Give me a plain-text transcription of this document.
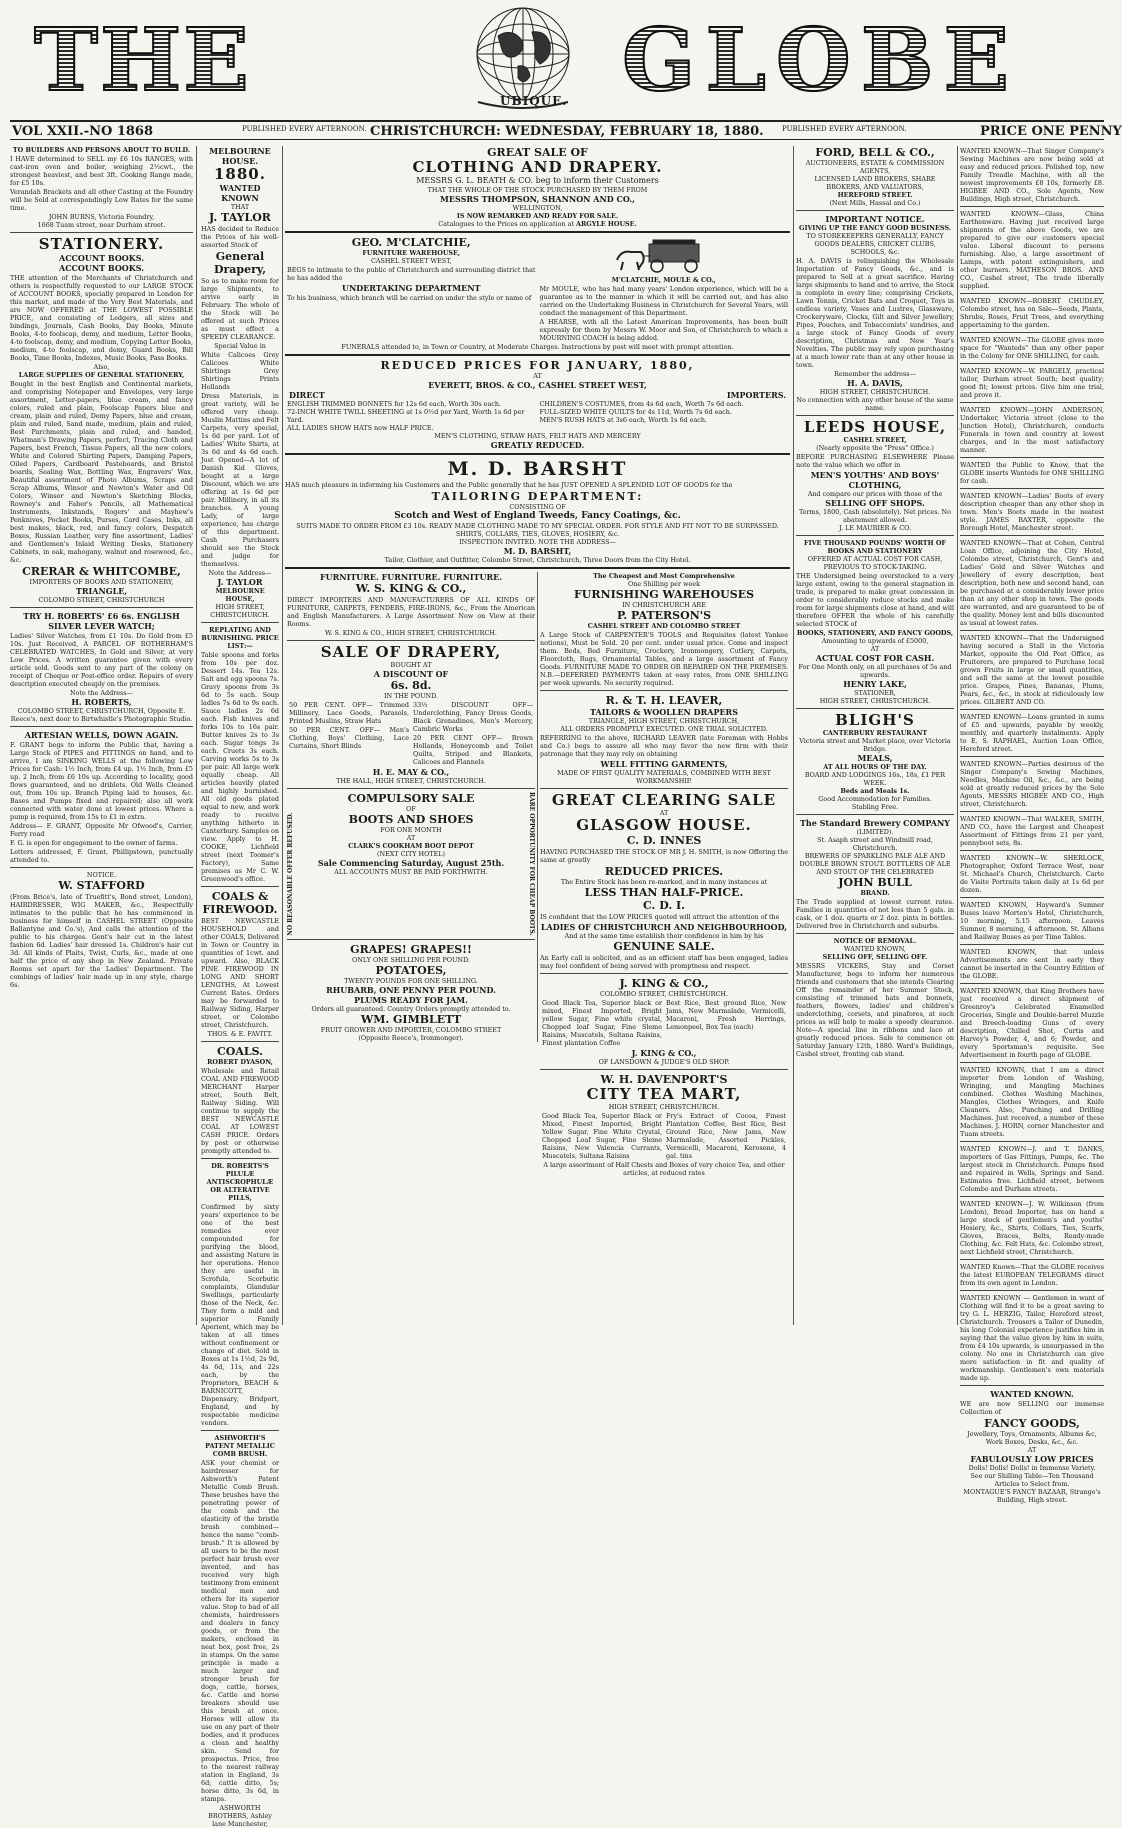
THE	UBIQUE. GLOBE
VOL XXII.-NO 1868	PUBLISHED EVERY AFTERNOON. CHRISTCHURCH: WEDNESDAY, FEBRUARY 18, 1880.	PUBLISHED EVERY AFTERNOON.	PRICE ONE PENNY
TO BUILDERS AND PERSONS ABOUT TO BUILD.
I HAVE determined to SELL my £6 10s RANGES, with cast-iron oven and boiler, weighing 2½cwt., the strongest heaviest, and best 3ft. Cooking Range made, for £5 10s.
Verandah Brackets and all other Casting at the Foundry will be Sold at correspondingly Low Rates for the same time.
JOHN BURNS, Victoria Foundry,
1668 Tuam street, near Durham street.
STATIONERY.
ACCOUNT BOOKS.
ACCOUNT BOOKS.
THE attention of the Merchants of Christchurch and others is respectfully requested to our LARGE STOCK of ACCOUNT BOOKS, specially prepared in London for this market, and made of the Very Best Materials, and are NOW OFFERED at THE LOWEST POSSIBLE PRICE, and consisting of Ledgers, all sizes and bindings, Journals, Cash Books, Day Books, Minute Books, 4-to foolscap, demy, and medium, Letter Books, 4-to foolscap, demy, and medium, Copying Letter Books, medium, 4-to foolscap, and demy, Guard Books, Bill Books, Time Books, Indexes, Music Books, Pass Books.
Also,
LARGE SUPPLIES OF GENERAL STATIONERY,
Bought in the best English and Continental markets, and comprising Notepaper and Envelopes, very large assortment, Letter-papers, blue cream, and fancy colors, ruled and plain, Foolscap Papers blue and cream, plain and ruled, Demy Papers, blue and cream, plain and ruled, Sand made, medium, plain and ruled, Best Parchments, plain and ruled, and handed, Whatman's Drawing Papers, perfect, Tracing Cloth and Papers, best French, Tissue Papers, all the new colors, White and Colored Shirting Papers, Damping Papers, Oiled Papers, Cardboard Pasteboards, and Bristol boards, Sealing Wax, Bottling Wax, Engravers' Wax, Beautiful assortment of Photo Albums, Scraps and Scrap Albums, Winsor and Newton's Water and Oil Colors, Winsor and Newton's Sketching Blocks, Rowney's and Faber's Pencils, all Mathematical Instruments, Inkstands, Rogers' and Mayhew's Penknives, Pocket Books, Purses, Card Cases, Inks, all best makes, black, red, and fancy colors, Despatch Boxes, Russian Leather, very fine assortment, Ladies' and Gentlemen's Inlaid Writing Desks, Stationery Cabinets, in oak, mahogany, walnut and rosewood, &c., &c.
CRERAR & WHITCOMBE,
IMPORTERS OF BOOKS AND STATIONERY,
TRIANGLE,
COLOMBO STREET, CHRISTCHURCH
TRY H. ROBERTS' £6 6s. ENGLISH SILVER LEVER WATCH;
Ladies' Silver Watches, from £1 10s. Do Gold from £5 10s. Just Received, A PARCEL OF ROTHERHAM'S CELEBRATED WATCHES, In Gold and Silver, at very Low Prices. A written guarantee given with every article sold. Goods sent to any part of the colony on receipt of Cheque or Post-office order. Repairs of every description executed cheaply on the premises.
Note the Address—
H. ROBERTS,
COLOMBO STREET, CHRISTCHURCH, Opposite E. Reece's, next door to Birtwhistle's Photographic Studio.
ARTESIAN WELLS, DOWN AGAIN.
F. GRANT begs to inform the Public that, having a Large Stock of PIPES and FITTINGS on hand, and to arrive, I am SINKING WELLS at the following Low Prices for Cash: 1½ Inch, from £4 up. 1½ Inch, from £5 up. 2 Inch, from £6 10s up. According to locality, good flows guaranteed, and no driblets. Old Wells Cleaned out, from 10s up. Branch Piping laid to houses, &c. Bases and Pumps fixed and repaired; also all work connected with water done at lowest prices. Where a pump is required, from 15s to £1 in extra.
Address— F. GRANT, Opposite Mr Ofwood's, Carrier, Ferry road
F. G. is open for engagement to the owner of farms.
Letters addressed, F. Grant, Phillipstown, punctually attended to.
NOTICE.
W. STAFFORD
(From Brice's, late of Truefitt's, Bond street, London), HAIRDRESSER, WIG MAKER, &c., Respectfully intimates to the public that he has commenced in business for himself in CASHEL STREET (Opposite Ballantyne and Co.'s), And calls the attention of the public to his charges. Gent's hair cut in the latest fashion 6d. Ladies' hair dressed 1s. Children's hair cut 3d. All kinds of Plaits, Twist, Curls, &c., made at one half the price of any shop in New Zealand. Private Rooms set apart for the Ladies' Department. The combings of ladies' hair made up in any style, charge 6s.
MELBOURNE HOUSE.
1880.
WANTED KNOWN
THAT
J. TAYLOR
HAS decided to Reduce the Prices of his well-assorted Stock of
General Drapery,
So as to make room for large Shipments, to arrive early in February. The whole of the Stock will be offered at such Prices as must effect a SPEEDY CLEARANCE.
Special Value in
White Calicoes Grey Calicoes White Shirtings Grey Shirtings Prints Hollands
Dress Materials, in great variety, will be offered very cheap. Muslin Mattins and Felt Carpets, very special, 1s 6d per yard. Lot of Ladies' White Shirts, at 3s 6d and 4s 6d each. Just Opened—A lot of Danish Kid Gloves, bought at a large Discount, which we are offering at 1s 6d per pair. Millinery, in all its branches. A young Lady, of large experience, has charge of this department. Cash Purchasers should see the Stock and judge for themselves.
Note the Address—
J. TAYLOR
MELBOURNE HOUSE,
HIGH STREET, CHRISTCHURCH.
REPLATING AND BURNISHING. PRICE LIST:—
Table spoons and forks from 10s per doz. Dessert 14s. Tea 12s. Salt and egg spoons 7s. Gravy spoons from 3s 6d to 5s each. Soup ladles 7s 6d to 9s each. Sauce ladles 2s 6d each. Fish knives and forks 10s to 16s pair. Butter knives 2s to 3s each. Sugar tongs 3s each. Cruets 3s each. Carving works 5s to 3s per pair. All large work equally cheap. All articles heavily plated and highly burnished. All old goods plated equal to new, and work ready to receive anything hitherto in Canterbury. Samples on view. Apply to H. COOKE, Lichfield street (next Toomer's Factory), Same premises as Mr C. W. Greenwood's office.
COALS & FIREWOOD.
BEST NEWCASTLE HOUSEHOLD and other COALS, Delivered in Town or Country in quantities of 1cwt. and upward. Also, BLACK PINE FIREWOOD IN LONG AND SHORT LENGTHS, At Lowest Current Rates. Orders may be forwarded to Railway Siding, Harper street, or Colombo street, Christchurch.
THOS. & E. FAVITT.
COALS.
ROBERT DYASON,
Wholesale and Retail COAL AND FIREWOOD MERCHANT Harper street, South Belt, Railway Siding. Will continue to supply the BEST NEWCASTLE COAL AT LOWEST CASH PRICE. Orders by post or otherwise promptly attended to.
DR. ROBERTS'S PILULÆ ANTISCROPHULÆ OR ALTERATIVE PILLS,
Confirmed by sixty years' experience to be one of the best remedies ever compounded for purifying the blood, and assisting Nature in her operations. Hence they are useful in Scrofula, Scorbutic complaints, Glandular Swellings, particularly those of the Neck, &c. They form a mild and superior Family Aperient, which may be taken at all times without confinement or change of diet. Sold in Boxes at 1s 1½d, 2s 9d, 4s 6d, 11s, and 22s each, by the Proprietors, BEACH & BARNICOTT, Dispensary, Bridport, England, and by respectable medicine vendors.
ASHWORTH'S PATENT METALLIC COMB BRUSH.
ASK your chemist or hairdresser for Ashworth's Patent Metallic Comb Brush. These brushes have the penetrating power of the comb and the elasticity of the bristle brush combined—hence the name "comb-brush." It is allowed by all users to be the most perfect hair brush ever invented, and has received very high testimony from eminent medical men and others for its superior value. Stop to bad of all chemists, hairdressers and dealers in fancy goods, or from the makers, enclosed in neat box, post free, 2s in stamps. On the same principle is made a much larger and stronger brush for dogs, cattle, horses, &c. Cattle and horse breakers should use this brush at once. Horses will allow its use on any part of their bodies, and it produces a clean and healthy skin. Send for prospectus. Price, free to the nearest railway station in England, 3s 6d; cattle ditto, 5s; horse ditto, 3s 6d, in stamps.
ASHWORTH BROTHERS, Ashley lane Manchester,
GREAT SALE OF
CLOTHING AND DRAPERY.
MESSRS G. L. BEATH & CO. beg to inform their Customers
THAT THE WHOLE OF THE STOCK PURCHASED BY THEM FROM
MESSRS THOMPSON, SHANNON AND CO.,
WELLINGTON,
IS NOW REMARKED AND READY FOR SALE.
Catalogues to the Prices on application at ARGYLE HOUSE.
GEO. M'CLATCHIE,
FURNITURE WAREHOUSE,
CASHEL STREET WEST,
BEGS to intimate to the public of Christchurch and surrounding district that he has added the
UNDERTAKING DEPARTMENT
To his business, which branch will be carried on under the style or name of
M'CLATCHIE, MOULE & CO.,
Mr MOULE, who has had many years' London experience, which will be a guarantee as to the manner in which it will be carried out, and has also carried on the Undertaking Business in Christchurch for Several Years, will conduct the management of this Department.
A HEARSE, with all the Latest American Improvements, has been built expressly for them by Messrs W. Moor and Son, of Christchurch to which a MOURNING COACH is being added.
FUNERALS attended to, in Town or Country, at Moderate Charges. Instructions by post will meet with prompt attention.
REDUCED PRICES FOR JANUARY, 1880,
AT
EVERETT, BROS. & CO., CASHEL STREET WEST,
DIRECT	IMPORTERS.
ENGLISH TRIMMED BONNETS for 12s 6d each, Worth 30s each.
72-INCH WHITE TWILL SHEETING at 1s 0½d per Yard, Worth 1s 6d per Yard.
ALL LADIES SHOW HATS now HALF PRICE.
CHILDREN'S COSTUMES, from 4s 6d each, Worth 7s 6d each.
FULL-SIZED WHITE QUILTS for 4s 11d, Worth 7s 6d each.
MEN'S RUSH HATS at 3s6 each, Worth 1s 6d each.
MEN'S CLOTHING, STRAW HATS, FELT HATS AND MERCERY
GREATLY REDUCED.
M. D. BARSHT
HAS much pleasure in informing his Customers and the Public generally that he has JUST OPENED A SPLENDID LOT OF GOODS for the
TAILORING DEPARTMENT:
CONSISTING OF
Scotch and West of England Tweeds, Fancy Coatings, &c.
SUITS MADE TO ORDER FROM £3 10s. READY MADE CLOTHING MADE TO MY SPECIAL ORDER. FOR STYLE AND FIT NOT TO BE SURPASSED. SHIRTS, COLLARS, TIES, GLOVES, HOSIERY, &c.
INSPECTION INVITED. NOTE THE ADDRESS—
M. D. BARSHT,
Tailor, Clothier, and Outfitter, Colombo Street, Christchurch, Three Doors from the City Hotel.
FURNITURE. FURNITURE. FURNITURE.
W. S. KING & CO.,
DIRECT IMPORTERS AND MANUFACTURERS OF ALL KINDS OF FURNITURE, CARPETS, FENDERS, FIRE-IRONS, &c., From the American and English Manufacturers. A Large Assortment Now on View at their Rooms.
W. S. KING & CO., HIGH STREET, CHRISTCHURCH.
SALE OF DRAPERY,
BOUGHT AT
A DISCOUNT OF
6s. 8d.
IN THE POUND.
50 PER CENT. OFF— Trimmed Millinery, Lace Goods, Parasols, Printed Muslins, Straw Hats
50 PER CENT. OFF— Men's Clothing, Boys' Clothing, Lace Curtains, Short Blinds
33⅓ DISCOUNT OFF— Underclothing, Fancy Dress Goods, Black Grenadines, Men's Mercery, Cambric Works
20 PER CENT OFF— Brown Hollands, Honeycomb and Toilet Quilts, Striped and Blankets, Calicoes and Flannels
H. E. MAY & CO.,
THE HALL, HIGH STREET, CHRISTCHURCH.
NO REASONABLE OFFER REFUSED.
COMPULSORY SALE
OF
BOOTS AND SHOES
FOR ONE MONTH
AT
CLARK'S COOKHAM BOOT DEPOT
(NEXT CITY HOTEL)
Sale Commencing Saturday, August 25th.
ALL ACCOUNTS MUST BE PAID FORTHWITH.	RARE OPPORTUNITY FOR CHEAP BOOTS.
GRAPES! GRAPES!!
ONLY ONE SHILLING PER POUND.
POTATOES,
TWENTY POUNDS FOR ONE SHILLING.
RHUBARB, ONE PENNY PER POUND.
PLUMS READY FOR JAM.
Orders all guaranteed. Country Orders promptly attended to.
WM. GIMBLETT
FRUIT GROWER AND IMPORTER, COLOMBO STREET
(Opposite Reece's, Ironmonger).
The Cheapest and Most Comprehensive
One Shilling per week
FURNISHING WAREHOUSES
IN CHRISTCHURCH ARE
P. PATERSON'S
CASHEL STREET AND COLOMBO STREET
A Large Stock of CARPENTER'S TOOLS and Requisites (latest Yankee notions), Must be Sold. 20 per cent. under usual price. Come and inspect them. Beds, Bed Furniture, Crockery, Ironmongery, Cutlery, Carpets, Floorcloth, Rugs, Ornamental Tables, and a large assortment of Fancy Goods. FURNITURE MADE TO ORDER OR REPAIRED ON THE PREMISES. N.B.—DEFERRED PAYMENTS taken at easy rates, from ONE SHILLING per week upwards. No security required.
R. & T. H. LEAVER,
TAILORS & WOOLLEN DRAPERS
TRIANGLE, HIGH STREET, CHRISTCHURCH,
ALL ORDERS PROMPTLY EXECUTED. ONE TRIAL SOLICITED.
REFERRING to the above, RICHARD LEAVER (late Foreman with Hobbs and Co.) begs to assure all who may favor the new firm with their patronage that they may rely on obtaining
WELL FITTING GARMENTS,
MADE OF FIRST QUALITY MATERIALS, COMBINED WITH BEST WORKMANSHIP.
GREAT CLEARING SALE
AT
GLASGOW HOUSE.
C. D. INNES
HAVING PURCHASED THE STOCK OF MR J. H. SMITH, is now Offering the same at greatly
REDUCED PRICES.
The Entire Stock has been re-marked, and in many instances at
LESS THAN HALF-PRICE.
C. D. I.
IS confident that the LOW PRICES quoted will attract the attention of the
LADIES OF CHRISTCHURCH AND NEIGHBOURHOOD,
And at the same time establish their confidence in him by his
GENUINE SALE.
An Early call is solicited, and as an efficient staff has been engaged, ladies may feel confident of being served with promptness and respect.
J. KING & CO.,
COLOMBO STREET, CHRISTCHURCH.
Good Black Tea, Superior black or mixed, Finest Imported, Bright yellow Sugar, Fine white crystal, Chopped loaf Sugar, Fine Sleme Raisins, Muscatels, Sultana Raisins, Finest plantation Coffee
Best Rice, Best ground Rice, New Jams, New Marmalade, Vermicelli, Macaroni, Fresh Herrings, Lemonpeel, Box Tea (each)
J. KING & CO.,
OF LANSDOWN & JUDGE'S OLD SHOP.
W. H. DAVENPORT'S
CITY TEA MART,
HIGH STREET, CHRISTCHURCH.
Good Black Tea, Superior Black or Mixed, Finest Imported, Bright Yellow Sugar, Fine White Crystal, Chopped Loaf Sugar, Fine Sleme Raisins, New Valencia Currants, Muscatels, Sultana Raisins
Fry's Extract of Cocoa, Finest Plantation Coffee, Best Rice, Best Ground Rice, New Jams, New Marmalade, Assorted Pickles, Vermicelli, Macaroni, Kerosene, 4 gal. tins
A large assortment of Half Chests and Boxes of very choice Tea, and other articles, at reduced rates
FORD, BELL & CO.,
AUCTIONEERS, ESTATE & COMMISSION AGENTS,
LICENSED LAND BROKERS, SHARE BROKERS, AND VALUATORS,
HEREFORD STREET.
(Next Mills, Hassal and Co.)
IMPORTANT NOTICE.
GIVING UP THE FANCY GOOD BUSINESS.
TO STOREKEEPERS GENERALLY, FANCY GOODS DEALERS, CRICKET CLUBS, SCHOOLS, &c.
H. A. DAVIS is relinquishing the Wholesale Importation of Fancy Goods, &c., and is prepared to Sell at a great sacrifice. Having large shipments to hand and to arrive, the Stock is complete in every line; comprising Crickets, Lawn Tennis, Cricket Bats and Croquet, Toys in endless variety, Vases and Lustres, Glassware, Crockeryware, Clocks, Gilt and Silver Jewellery, Pipes, Pouches, and Tobacconists' sundries, and a large stock of Fancy Goods of every description, Christmas and New Year's Novelties. The public may rely upon purchasing at a much lower rate than at any other house in town.
Remember the address—
H. A. DAVIS,
HIGH STREET, CHRISTCHURCH.
No connection with any other house of the same name.
LEEDS HOUSE,
CASHEL STREET,
(Nearly opposite the "Press" Office.)
BEFORE PURCHASING ELSEWHERE Please note the value which we offer in
MEN'S YOUTHS' AND BOYS' CLOTHING,
And compare our prices with those of the
SELLING OFF SHOPS.
Terms, 1800, Cash (absolutely). Net prices. No abatement allowed.
J. LE MAURIER & CO.
FIVE THOUSAND POUNDS' WORTH OF BOOKS AND STATIONERY
OFFERED AT ACTUAL COST FOR CASH, PREVIOUS TO STOCK-TAKING.
THE Undersigned being overstocked to a very large extent, owing to the general stagnation in trade, is prepared to make great concession in order to considerably reduce stocks and make room for large shipments close at hand, and will therefore OFFER the whole of his carefully selected STOCK of
BOOKS, STATIONERY, AND FANCY GOODS,
Amounting to upwards of £5000,
AT
ACTUAL COST FOR CASH.
For One Month only, on all purchases of 5s and upwards.
HENRY LAKE,
STATIONER,
HIGH STREET, CHRISTCHURCH.
BLIGH'S
CANTERBURY RESTAURANT
Victoria street and Market place, over Victoria Bridge.
MEALS,
AT ALL HOURS OF THE DAY.
BOARD AND LODGINGS 16s., 18s, £1 PER WEEK.
Beds and Meals 1s.
Good Accommodation for Families.
Stabling Free.
The Standard Brewery COMPANY
(LIMITED).
St. Asaph street and Windmill road, Christchurch.
BREWERS OF SPARKLING PALE ALE AND DOUBLE BROWN STOUT. BOTTLERS OF ALE AND STOUT OF THE CELEBRATED
JOHN BULL
BRAND.
The Trade supplied at lowest current rates. Families in quantities of not less than 5 gals. in cask, or 1 doz. quarts or 2 doz. pints in bottles. Delivered free in Christchurch and suburbs.
NOTICE OF REMOVAL.
WANTED KNOWN,
SELLING OFF, SELLING OFF.
MESSRS VICKERS, Stay and Corset Manufacturer, begs to inform her numerous friends and customers that she intends Clearing Off the remainder of her Summer Stock, consisting of trimmed hats and bonnets, feathers, flowers, ladies' and children's underclothing, corsets, and pinafores, at such prices as will help to make a speedy clearance. Note—A special line in ribbons and lace at greatly reduced prices. Sale to commence on Saturday January 12th, 1880. Ward's Buildings, Cashel street, fronting cab stand.
WANTED KNOWN—That Singer Company's Sewing Machines are now being sold at easy and reduced prices. Polished top, new Family Treadle Machine, with all the newest improvements £8 10s, formerly £8. HIGBEE AND CO., Sole Agents, New Buildings, High street, Christchurch.
WANTED KNOWN—Glass, China Earthenware. Having just received large shipments of the above Goods, we are prepared to give our customers special value. Liberal discount to persons furnishing. Also, a large assortment of Lamps, with patent extinguishers, and other burners. MATHESON BROS. AND CO., Cashel street, The trade liberally supplied.
WANTED KNOWN—ROBERT CHUDLEY, Colombo street, has on Sale—Seeds, Plants, Shrubs, Roses, Fruit Trees, and everything appertaining to the garden.
WANTED KNOWN—The GLOBE gives more space for "Wanteds" than any other paper in the Colony for ONE SHILLING, for cash.
WANTED KNOWN—W. PARGELY, practical tailor, Durham street South; best quality; good fit; lowest prices. Give him one trial, and prove it.
WANTED KNOWN—JOHN ANDERSON, Undertaker, Victoria street (close to the Junction Hotel), Christchurch, conducts Funerals in town and country at lowest charges, and in the most satisfactory manner.
WANTED the Public to Know, that the GLOBE inserts Wanteds for ONE SHILLING for cash.
WANTED KNOWN—Ladies' Boots of every description cheaper than any other shop in town. Men's Boots made in the neatest style. JAMES BAXTER, opposite the Borough Hotel, Manchester street.
WANTED KNOWN—That at Cohen, Central Loan Office, adjoining the City Hotel, Colombo street, Christchurch, Gent's and Ladies' Gold and Silver Watches and Jewellery of every description, best description, both new and second hand, can be purchased at a considerably lower price than at any other shop in town. The goods are warranted, and are guaranteed to be of the quality. Money lent and bills discounted as usual at lowest rates.
WANTED KNOWN—That the Undersigned having secured a Stall in the Victoria Market, opposite the Old Post Office, as Fruiterers, are prepared to Purchase local grown Fruits in large or small quantities, and sell the same at the lowest possible price. Grapes, Pines, Bananas, Plums, Pears, &c., &c., in stock at ridiculously low prices. GILBERT AND CO.
WANTED KNOWN—Loans granted in sums of £5 and upwards, payable by weekly, monthly, and quarterly instalments. Apply to E. S. RAPHAEL, Auction Loan Office, Hereford street.
WANTED KNOWN—Parties desirous of the Singer Company's Sewing Machines, Needles, Machine Oil, &c., &c., are being sold at greatly reduced prices by the Sole Agents, MESSRS HIGBEE AND CO., High street, Christchurch.
WANTED KNOWN—That WALKER, SMITH, AND CO., have the Largest and Cheapest Assortment of Fittings from 21 per yard, pennyboot sets, 8s.
WANTED KNOWN—W. SHERLOCK, Photographer, Oxford Terrace West, near St. Michael's Church, Christchurch. Carte de Visite Portraits taken daily at 1s 6d per dozen.
WANTED KNOWN, Hayward's Sumner Buses leave Morten's Hotel, Christchurch, 10 morning, 5.15 afternoon. Leaves Sumner, 8 morning, 4 afternoon. St. Albans and Railway Buses as per Time Tables.
WANTED KNOWN, that unless Advertisements are sent in early they cannot be inserted in the Country Edition of the GLOBE.
WANTED KNOWN, that King Brothers have just received a direct shipment of Greenroy's Celebrated Enamelled Groceries, Single and Double-barrel Muzzle and Breech-loading Guns of every description, Chilled Shot, Curtis and Harvey's Powder, 4, and 6; Powder, and every Sportsman's requisite. See Advertisement in fourth page of GLOBE.
WANTED KNOWN, that I am a direct importer from London of Washing, Wringing, and Mangling Machines combined. Clothes Washing Machines, Mangles, Clothes Wringers, and Knife Cleaners. Also, Punching and Drilling Machines. Just received, a number of these Machines. J. HORN, corner Manchester and Tuam streets.
WANTED KNOWN—J. and T. DANKS, importers of Gas Fittings, Pumps, &c. The largest stock in Christchurch. Pumps fixed and repaired in Wells, Springs and Sand. Estimates free. Lichfield street, between Colombo and Durham streets.
WANTED KNOWN—J. W. Wilkinson (from London), Bread Importer, has on hand a large stock of gentlemen's and youths' Hosiery, &c., Shirts, Collars, Ties, Scarfs, Gloves, Braces, Belts, Ready-made Clothing, &c. Felt Hats, &c. Colombo street, next Lichfield street, Christchurch.
WANTED Known—That the GLOBE receives the latest EUROPEAN TELEGRAMS direct from its own agent in London.
WANTED KNOWN — Gentlemen in want of Clothing will find it to be a great saving to try G. L. HERZIG, Tailor, Hereford street, Christchurch. Trousers a Tailor of Dunedin, his long Colonial experience justifies him in saying that the value given by him in suits, from £4 10s upwards, is unsurpassed in the colony. No one in Christchurch can give more satisfaction in fit and quality of workmanship. Gentlemen's own materials made up.
WANTED KNOWN.
WE are now SELLING our immense Collection of
FANCY GOODS,
Jewellery, Toys, Ornaments, Albums &c, Work Boxes, Desks, &c., &c.
AT
FABULOUSLY LOW PRICES
Dolls! Dolls! Dolls! in Immense Variety.
See our Shilling Table—Ten Thousand Articles to Select from.
MONTAGUE'S FANCY BAZAAR, Strange's Building, High street.
